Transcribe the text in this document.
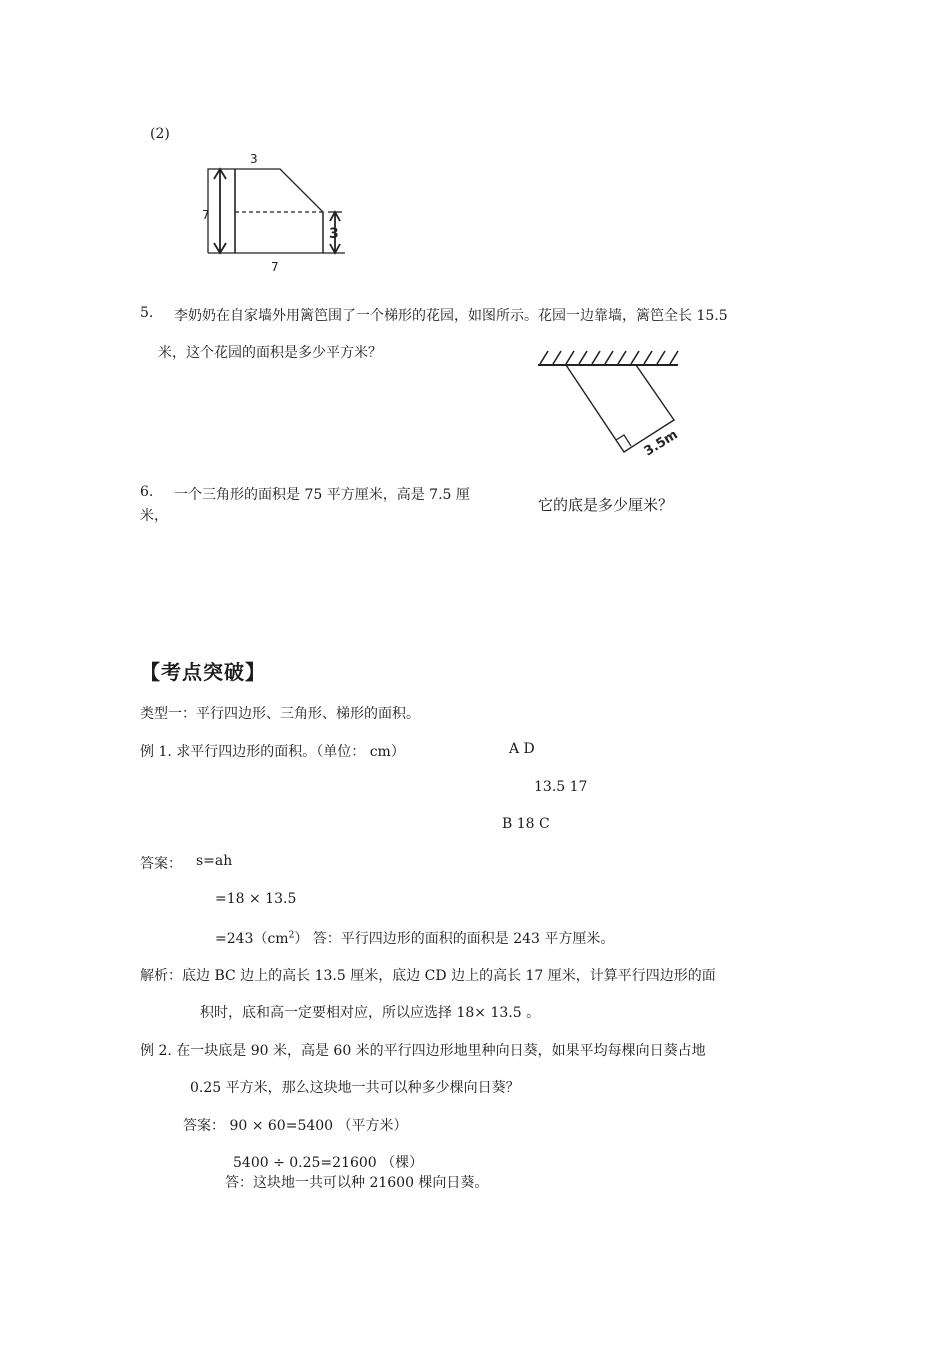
(2)
3
7
3
7
5. 李奶奶在自家墙外用篱笆围了一个梯形的花园，如图所示。花园一边靠墙，篱笆全长 15.5
米，这个花园的面积是多少平方米？
3.5m
6. 一个三角形的面积是 75 平方厘米，高是 7.5 厘
米，
它的底是多少厘米？
【考点突破】
类型一：平行四边形、三角形、梯形的面积。
例 1. 求平行四边形的面积。（单位： cm）	A D
13.5 17
B 18 C
答案： s=ah
=18 × 13.5
$=243(cm^2)$ 答：平行四边形的面积的面积是 243 平方厘米。
解析：底边 BC 边上的高长 13.5 厘米，底边 CD 边上的高长 17 厘米，计算平行四边形的面
积时，底和高一定要相对应，所以应选择 18× 13.5 。
例 2. 在一块底是 90 米，高是 60 米的平行四边形地里种向日葵，如果平均每棵向日葵占地
0.25 平方米，那么这块地一共可以种多少棵向日葵？
答案： 90 × 60=5400 （平方米）
5400 ÷ 0.25=21600 （棵）
答：这块地一共可以种 21600 棵向日葵。
